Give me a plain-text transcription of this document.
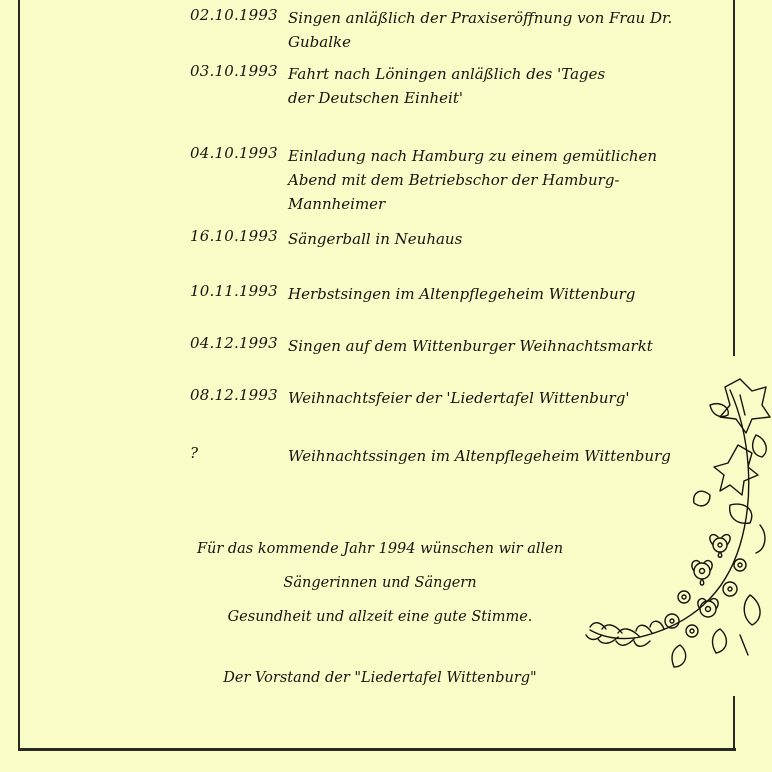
02.10.1993 Singen anläßlich der Praxiseröffnung von Frau Dr. Gubalke
03.10.1993 Fahrt nach Löningen anläßlich des 'Tages der Deutschen Einheit'
04.10.1993 Einladung nach Hamburg zu einem gemütlichen Abend mit dem Betriebschor der Hamburg-Mannheimer
16.10.1993 Sängerball in Neuhaus
10.11.1993 Herbstsingen im Altenpflegeheim Wittenburg
04.12.1993 Singen auf dem Wittenburger Weihnachtsmarkt
08.12.1993 Weihnachtsfeier der 'Liedertafel Wittenburg'
?	Weihnachtssingen im Altenpflegeheim Wittenburg
Für das kommende Jahr 1994 wünschen wir allen
Sängerinnen und Sängern
Gesundheit und allzeit eine gute Stimme.
Der Vorstand der "Liedertafel Wittenburg"
